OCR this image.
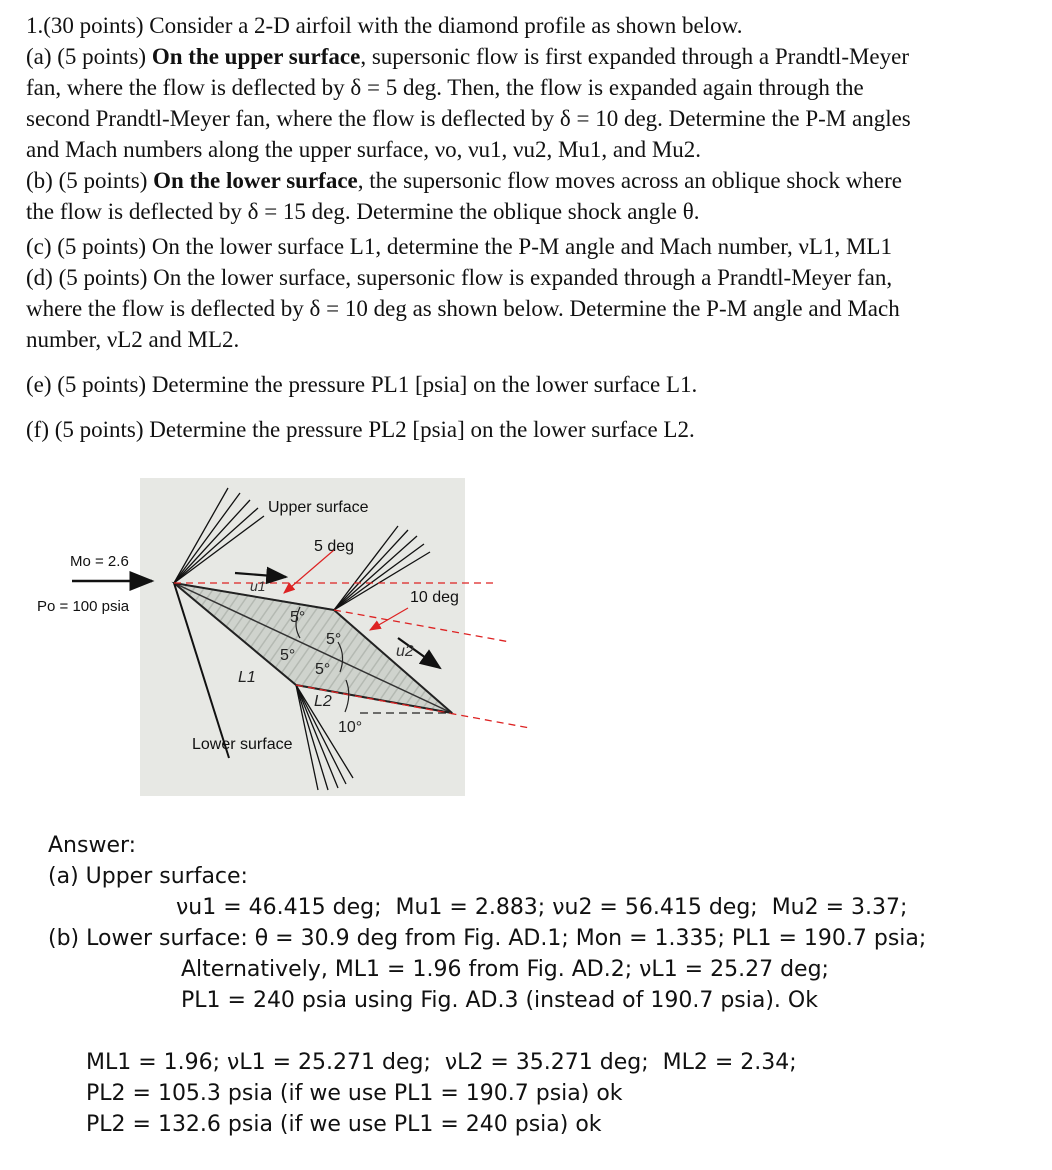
1.(30 points) Consider a 2-D airfoil with the diamond profile as shown below.

(a) (5 points) On the upper surface, supersonic flow is first expanded through a Prandtl-Meyer

fan, where the flow is deflected by δ = 5 deg. Then, the flow is expanded again through the

second Prandtl-Meyer fan, where the flow is deflected by δ = 10 deg. Determine the P-M angles

and Mach numbers along the upper surface, νo, νu1, νu2, Mu1, and Mu2.

(b) (5 points) On the lower surface, the supersonic flow moves across an oblique shock where

the flow is deflected by δ = 15 deg. Determine the oblique shock angle θ.

(c) (5 points) On the lower surface L1, determine the P-M angle and Mach number, νL1, ML1

(d) (5 points) On the lower surface, supersonic flow is expanded through a Prandtl-Meyer fan,

where the flow is deflected by δ = 10 deg as shown below. Determine the P-M angle and Mach

number, νL2 and ML2.

(e) (5 points) Determine the pressure PL1 [psia] on the lower surface L1.

(f) (5 points) Determine the pressure PL2 [psia] on the lower surface L2.

Upper surface
Lower surface
Mo = 2.6
Po = 100 psia
5 deg
10 deg
u1
u2
L1
L2
5°
5°
5°
5°
10°

Answer:

(a) Upper surface:

νu1 = 46.415 deg;  Mu1 = 2.883; νu2 = 56.415 deg;  Mu2 = 3.37;

(b) Lower surface: θ = 30.9 deg from Fig. AD.1; Mon = 1.335; PL1 = 190.7 psia;

Alternatively, ML1 = 1.96 from Fig. AD.2; νL1 = 25.27 deg;

PL1 = 240 psia using Fig. AD.3 (instead of 190.7 psia). Ok

ML1 = 1.96; νL1 = 25.271 deg;  νL2 = 35.271 deg;  ML2 = 2.34;

PL2 = 105.3 psia (if we use PL1 = 190.7 psia) ok

PL2 = 132.6 psia (if we use PL1 = 240 psia) ok
